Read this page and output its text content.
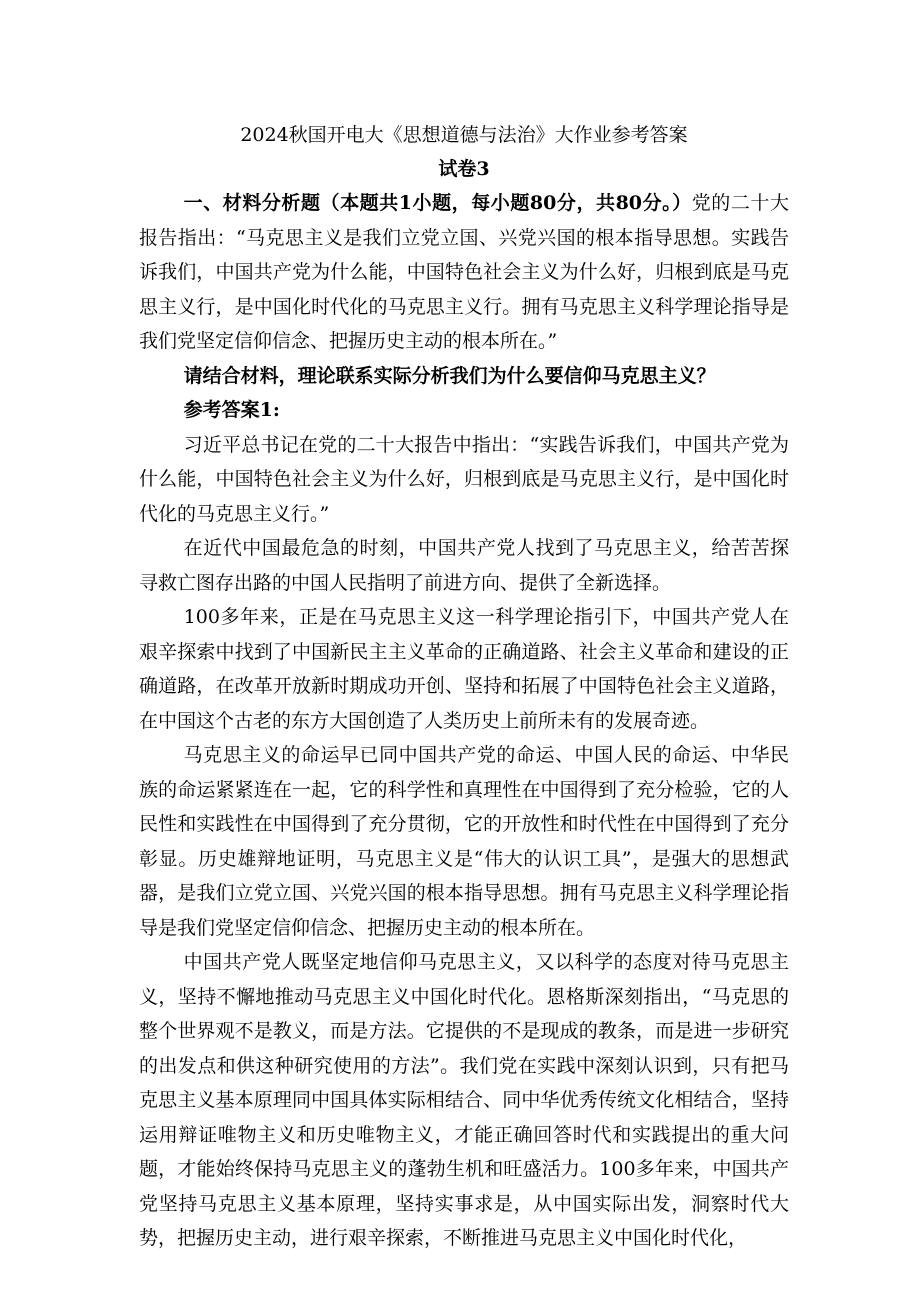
2024秋国开电大《思想道德与法治》大作业参考答案

试卷3

一、材料分析题（本题共1小题，每小题80分，共80分。）党的二十大报告指出：“马克思主义是我们立党立国、兴党兴国的根本指导思想。实践告诉我们，中国共产党为什么能，中国特色社会主义为什么好，归根到底是马克思主义行，是中国化时代化的马克思主义行。拥有马克思主义科学理论指导是我们党坚定信仰信念、把握历史主动的根本所在。”

请结合材料，理论联系实际分析我们为什么要信仰马克思主义？

参考答案1:

习近平总书记在党的二十大报告中指出：“实践告诉我们，中国共产党为什么能，中国特色社会主义为什么好，归根到底是马克思主义行，是中国化时代化的马克思主义行。”

在近代中国最危急的时刻，中国共产党人找到了马克思主义，给苦苦探寻救亡图存出路的中国人民指明了前进方向、提供了全新选择。

100多年来，正是在马克思主义这一科学理论指引下，中国共产党人在艰辛探索中找到了中国新民主主义革命的正确道路、社会主义革命和建设的正确道路，在改革开放新时期成功开创、坚持和拓展了中国特色社会主义道路，在中国这个古老的东方大国创造了人类历史上前所未有的发展奇迹。

马克思主义的命运早已同中国共产党的命运、中国人民的命运、中华民族的命运紧紧连在一起，它的科学性和真理性在中国得到了充分检验，它的人民性和实践性在中国得到了充分贯彻，它的开放性和时代性在中国得到了充分彰显。历史雄辩地证明，马克思主义是“伟大的认识工具”，是强大的思想武器，是我们立党立国、兴党兴国的根本指导思想。拥有马克思主义科学理论指导是我们党坚定信仰信念、把握历史主动的根本所在。

中国共产党人既坚定地信仰马克思主义，又以科学的态度对待马克思主义，坚持不懈地推动马克思主义中国化时代化。恩格斯深刻指出，“马克思的整个世界观不是教义，而是方法。它提供的不是现成的教条，而是进一步研究的出发点和供这种研究使用的方法”。我们党在实践中深刻认识到，只有把马克思主义基本原理同中国具体实际相结合、同中华优秀传统文化相结合，坚持运用辩证唯物主义和历史唯物主义，才能正确回答时代和实践提出的重大问题，才能始终保持马克思主义的蓬勃生机和旺盛活力。100多年来，中国共产党坚持马克思主义基本原理，坚持实事求是，从中国实际出发，洞察时代大势，把握历史主动，进行艰辛探索，不断推进马克思主义中国化时代化，
